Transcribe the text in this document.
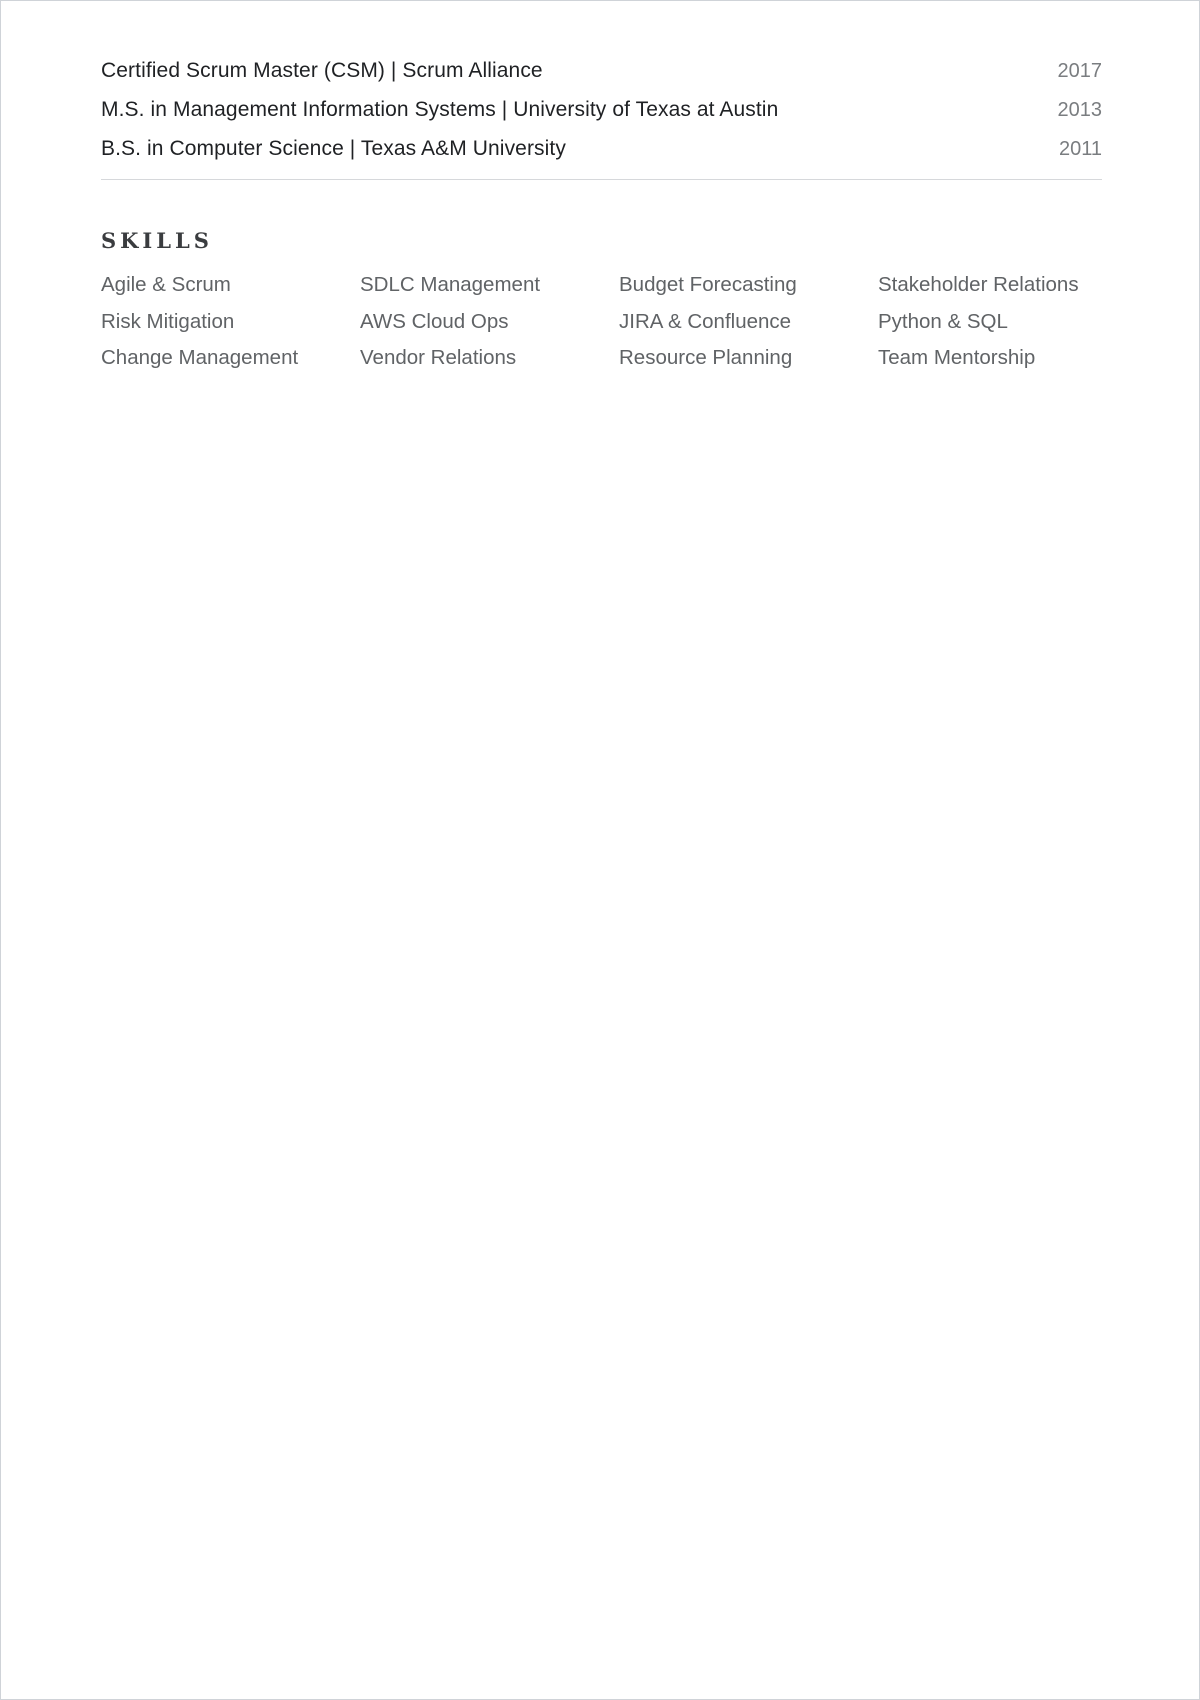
Certified Scrum Master (CSM) | Scrum Alliance	2017
M.S. in Management Information Systems | University of Texas at Austin	2013
B.S. in Computer Science | Texas A&M University	2011
SKILLS
Agile & Scrum	SDLC Management	Budget Forecasting	Stakeholder Relations
Risk Mitigation	AWS Cloud Ops	JIRA & Confluence	Python & SQL
Change Management	Vendor Relations	Resource Planning	Team Mentorship
